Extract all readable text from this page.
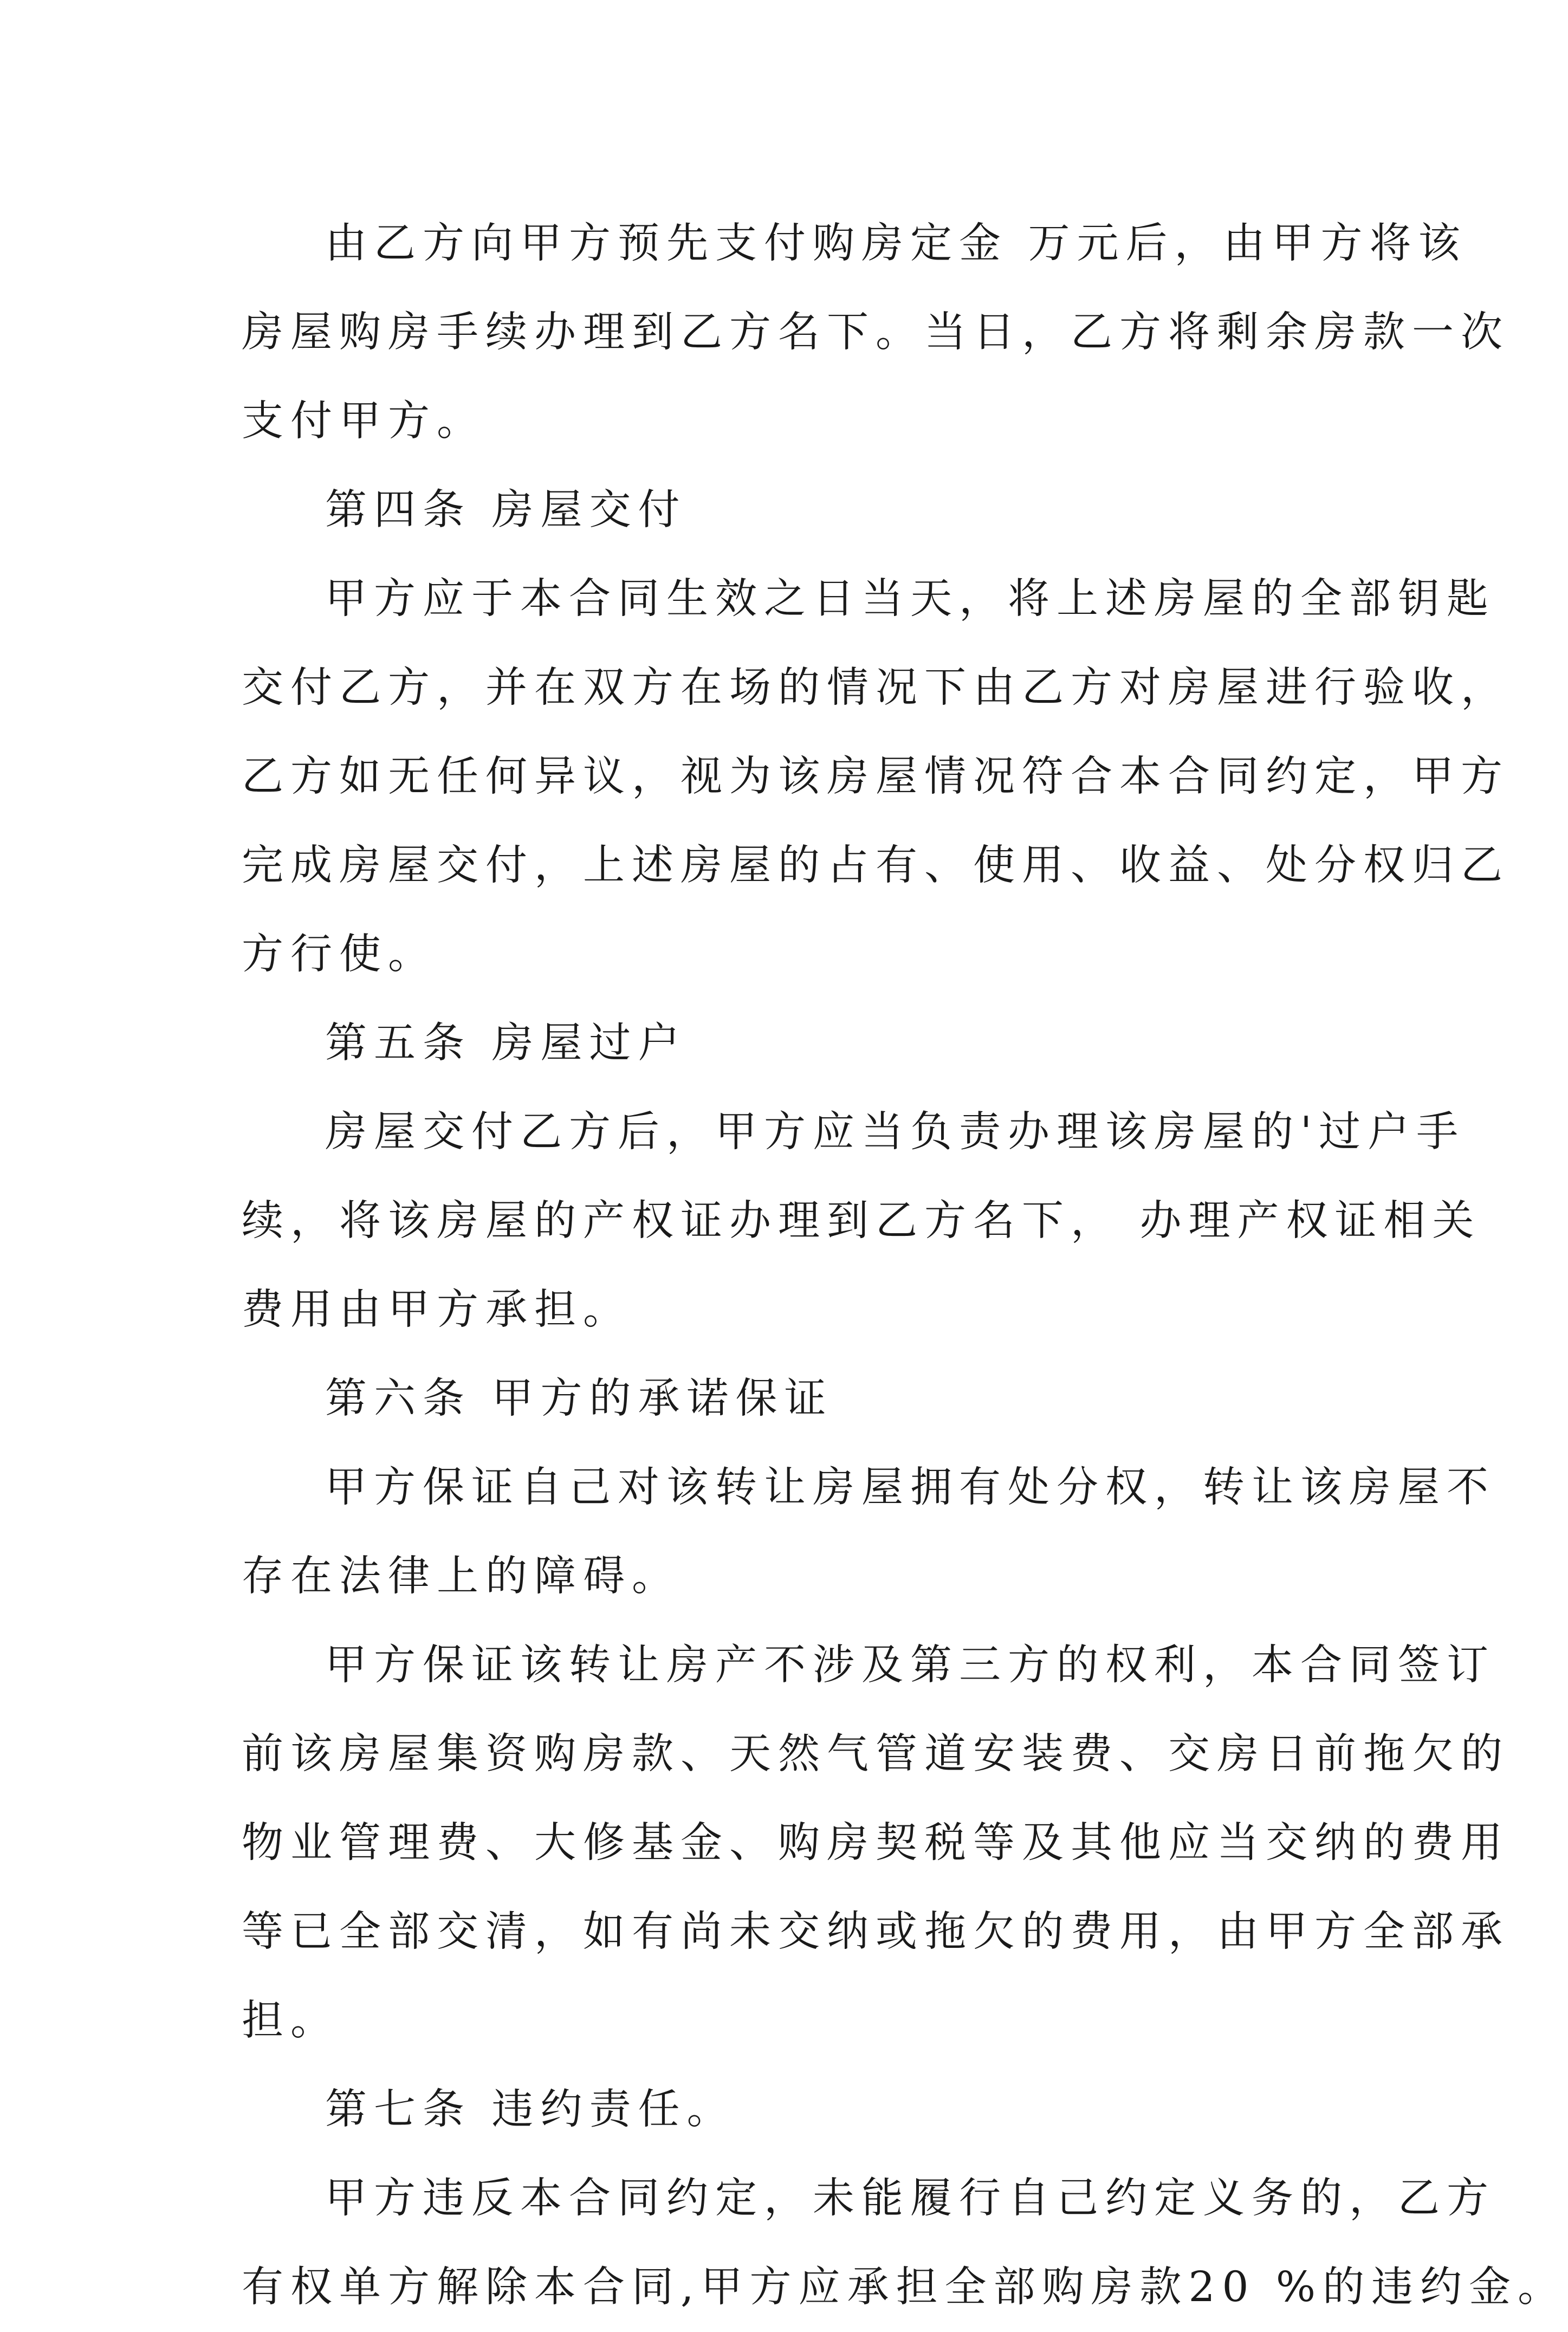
由乙方向甲方预先支付购房定金 万元后，由甲方将该
房屋购房手续办理到乙方名下。当日，乙方将剩余房款一次
支付甲方。
第四条 房屋交付
甲方应于本合同生效之日当天，将上述房屋的全部钥匙
交付乙方，并在双方在场的情况下由乙方对房屋进行验收，
乙方如无任何异议，视为该房屋情况符合本合同约定，甲方
完成房屋交付，上述房屋的占有、使用、收益、处分权归乙
方行使。
第五条 房屋过户
房屋交付乙方后，甲方应当负责办理该房屋的'过户手
续，将该房屋的产权证办理到乙方名下， 办理产权证相关
费用由甲方承担。
第六条 甲方的承诺保证
甲方保证自己对该转让房屋拥有处分权，转让该房屋不
存在法律上的障碍。
甲方保证该转让房产不涉及第三方的权利，本合同签订
前该房屋集资购房款、天然气管道安装费、交房日前拖欠的
物业管理费、大修基金、购房契税等及其他应当交纳的费用
等已全部交清，如有尚未交纳或拖欠的费用，由甲方全部承
担。
第七条 违约责任。
甲方违反本合同约定，未能履行自己约定义务的，乙方
有权单方解除本合同,甲方应承担全部购房款20 %的违约金。
